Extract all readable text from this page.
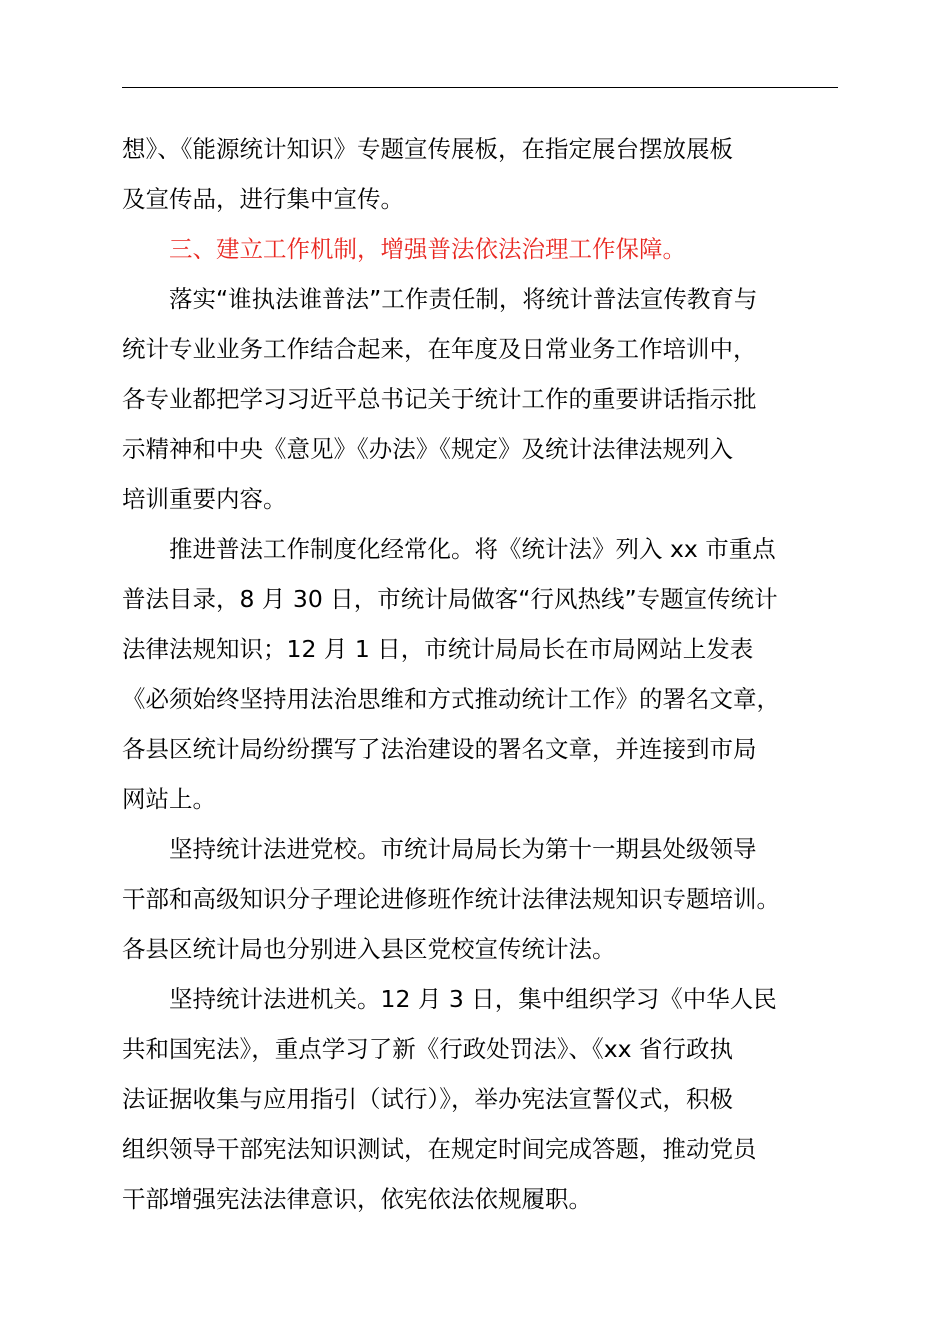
想》、《能源统计知识》专题宣传展板，在指定展台摆放展板
及宣传品，进行集中宣传。
三、建立工作机制，增强普法依法治理工作保障。
落实“谁执法谁普法”工作责任制，将统计普法宣传教育与
统计专业业务工作结合起来，在年度及日常业务工作培训中，
各专业都把学习习近平总书记关于统计工作的重要讲话指示批
示精神和中央《意见》《办法》《规定》及统计法律法规列入
培训重要内容。
推进普法工作制度化经常化。将《统计法》列入 xx 市重点
普法目录，8 月 30 日，市统计局做客“行风热线”专题宣传统计
法律法规知识；12 月 1 日，市统计局局长在市局网站上发表
《必须始终坚持用法治思维和方式推动统计工作》的署名文章，
各县区统计局纷纷撰写了法治建设的署名文章，并连接到市局
网站上。
坚持统计法进党校。市统计局局长为第十一期县处级领导
干部和高级知识分子理论进修班作统计法律法规知识专题培训。
各县区统计局也分别进入县区党校宣传统计法。
坚持统计法进机关。12 月 3 日，集中组织学习《中华人民
共和国宪法》，重点学习了新《行政处罚法》、《xx 省行政执
法证据收集与应用指引（试行）》，举办宪法宣誓仪式，积极
组织领导干部宪法知识测试，在规定时间完成答题，推动党员
干部增强宪法法律意识，依宪依法依规履职。
